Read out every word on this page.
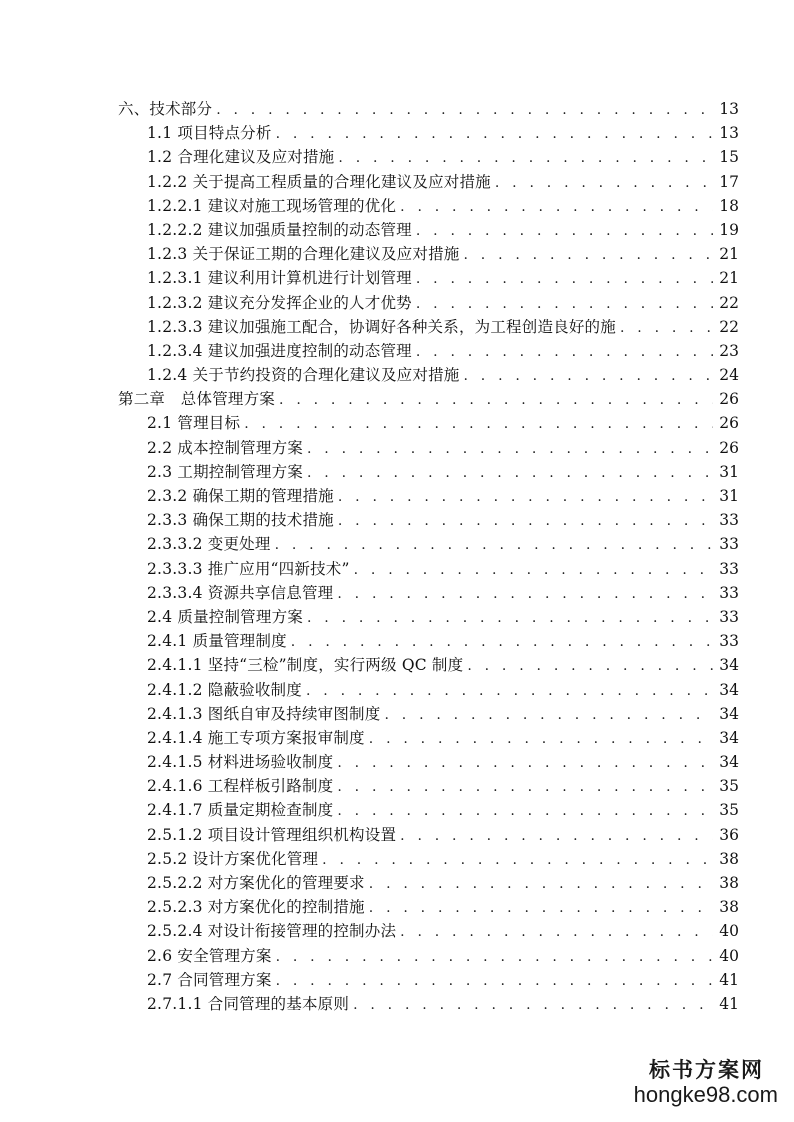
六、技术部分 . . .	13
1.1 项目特点分析 . . .	13
1.2 合理化建议及应对措施 . . .	15
1.2.2 关于提高工程质量的合理化建议及应对措施 . . .	17
1.2.2.1 建议对施工现场管理的优化 . . .	18
1.2.2.2 建议加强质量控制的动态管理 . . .	19
1.2.3 关于保证工期的合理化建议及应对措施 . . .	21
1.2.3.1 建议利用计算机进行计划管理 . . .	21
1.2.3.2 建议充分发挥企业的人才优势 . . .	22
1.2.3.3 建议加强施工配合，协调好各种关系，为工程创造良好的施 . . .	22
1.2.3.4 建议加强进度控制的动态管理 . . .	23
1.2.4 关于节约投资的合理化建议及应对措施 . . .	24
第二章　总体管理方案 . . .	26
2.1 管理目标 . . .	26
2.2 成本控制管理方案 . . .	26
2.3 工期控制管理方案 . . .	31
2.3.2 确保工期的管理措施 . . .	31
2.3.3 确保工期的技术措施 . . .	33
2.3.3.2 变更处理 . . .	33
2.3.3.3 推广应用“四新技术” . . .	33
2.3.3.4 资源共享信息管理 . . .	33
2.4 质量控制管理方案 . . .	33
2.4.1 质量管理制度 . . .	33
2.4.1.1 坚持“三检”制度，实行两级 QC 制度 . . .	34
2.4.1.2 隐蔽验收制度 . . .	34
2.4.1.3 图纸自审及持续审图制度 . . .	34
2.4.1.4 施工专项方案报审制度 . . .	34
2.4.1.5 材料进场验收制度 . . .	34
2.4.1.6 工程样板引路制度 . . .	35
2.4.1.7 质量定期检查制度 . . .	35
2.5.1.2 项目设计管理组织机构设置 . . .	36
2.5.2 设计方案优化管理 . . .	38
2.5.2.2 对方案优化的管理要求 . . .	38
2.5.2.3 对方案优化的控制措施 . . .	38
2.5.2.4 对设计衔接管理的控制办法 . . .	40
2.6 安全管理方案 . . .	40
2.7 合同管理方案 . . .	41
2.7.1.1 合同管理的基本原则 . . .	41
标书方案网
hongke98.com
